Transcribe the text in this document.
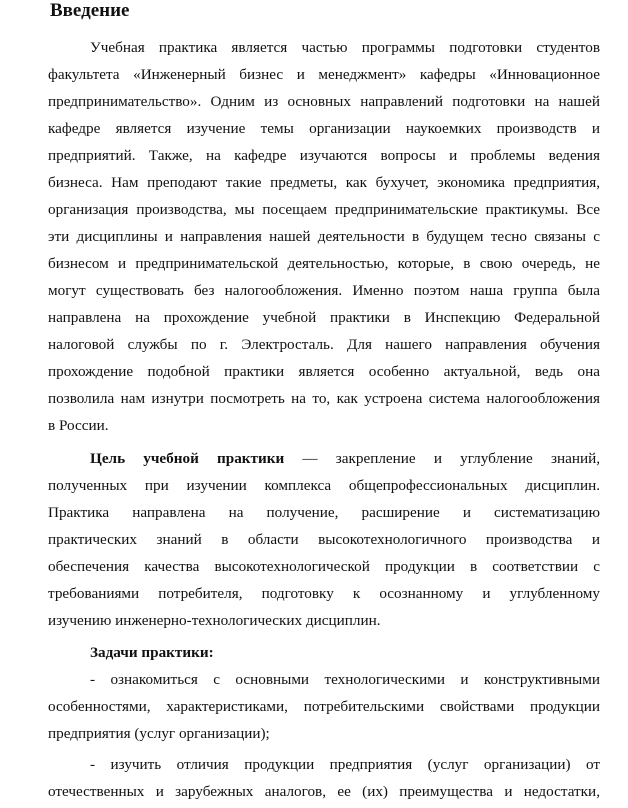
Введение
Учебная практика является частью программы подготовки студентов
факультета «Инженерный бизнес и менеджмент» кафедры «Инновационное
предпринимательство». Одним из основных направлений подготовки на нашей
кафедре является изучение темы организации наукоемких производств и
предприятий. Также, на кафедре изучаются вопросы и проблемы ведения
бизнеса. Нам преподают такие предметы, как бухучет, экономика предприятия,
организация производства, мы посещаем предпринимательские практикумы. Все
эти дисциплины и направления нашей деятельности в будущем тесно связаны с
бизнесом и предпринимательской деятельностью, которые, в свою очередь, не
могут существовать без налогообложения. Именно поэтом наша группа была
направлена на прохождение учебной практики в Инспекцию Федеральной
налоговой службы по г. Электросталь. Для нашего направления обучения
прохождение подобной практики является особенно актуальной, ведь она
позволила нам изнутри посмотреть на то, как устроена система налогообложения
в России.
Цель учебной практики — закрепление и углубление знаний,
полученных при изучении комплекса общепрофессиональных дисциплин.
Практика направлена на получение, расширение и систематизацию
практических знаний в области высокотехнологичного производства и
обеспечения качества высокотехнологической продукции в соответствии с
требованиями потребителя, подготовку к осознанному и углубленному
изучению инженерно-технологических дисциплин.
Задачи практики:
- ознакомиться с основными технологическими и конструктивными
особенностями, характеристиками, потребительскими свойствами продукции
предприятия (услуг организации);
- изучить отличия продукции предприятия (услуг организации) от
отечественных и зарубежных аналогов, ее (их) преимущества и недостатки,
